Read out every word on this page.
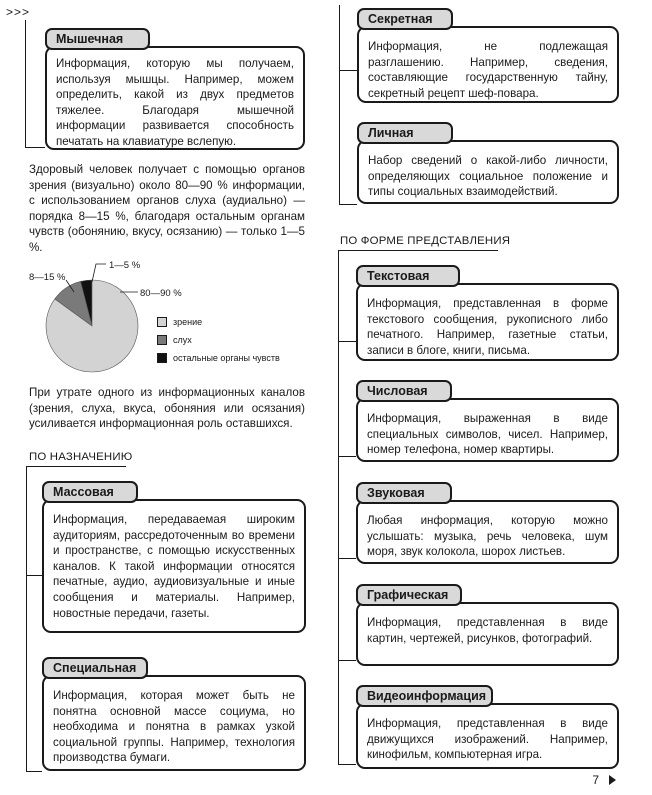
>>>
Мышечная
Информация, которую мы получаем, используя мышцы. Например, можем определить, какой из двух предметов тяжелее. Благодаря мышечной информации развивается способность печатать на клавиатуре вслепую.
Здоровый человек получает с помощью органов зрения (визуально) около 80—90 % информации, с использованием органов слуха (аудиально) — порядка 8—15 %, благодаря остальным органам чувств (обонянию, вкусу, осязанию) — только 1—5 %.
8—15 %
1—5 %
80—90 %
зрение
слух
остальные органы чувств
При утрате одного из информационных каналов (зрения, слуха, вкуса, обоняния или осязания) усиливается информационная роль оставшихся.
ПО НАЗНАЧЕНИЮ
Массовая
Информация, передаваемая широким аудиториям, рассредоточенным во времени и пространстве, с помощью искусственных каналов. К такой информации относятся печатные, аудио, аудиовизуальные и иные сообщения и материалы. Например, новостные передачи, газеты.
Специальная
Информация, которая может быть не понятна основной массе социума, но необходима и понятна в рамках узкой социальной группы. Например, технология производства бумаги.
Секретная
Информация, не подлежащая разглашению. Например, сведения, составляющие государственную тайну, секретный рецепт шеф-повара.
Личная
Набор сведений о какой-либо личности, определяющих социальное положение и типы социальных взаимодействий.
ПО ФОРМЕ ПРЕДСТАВЛЕНИЯ
Текстовая
Информация, представленная в форме текстового сообщения, рукописного либо печатного. Например, газетные статьи, записи в блоге, книги, письма.
Числовая
Информация, выраженная в виде специальных символов, чисел. Например, номер телефона, номер квартиры.
Звуковая
Любая информация, которую можно услышать: музыка, речь человека, шум моря, звук колокола, шорох листьев.
Графическая
Информация, представленная в виде картин, чертежей, рисунков, фотографий.
Видеоинформация
Информация, представленная в виде движущихся изображений. Например, кинофильм, компьютерная игра.
7
